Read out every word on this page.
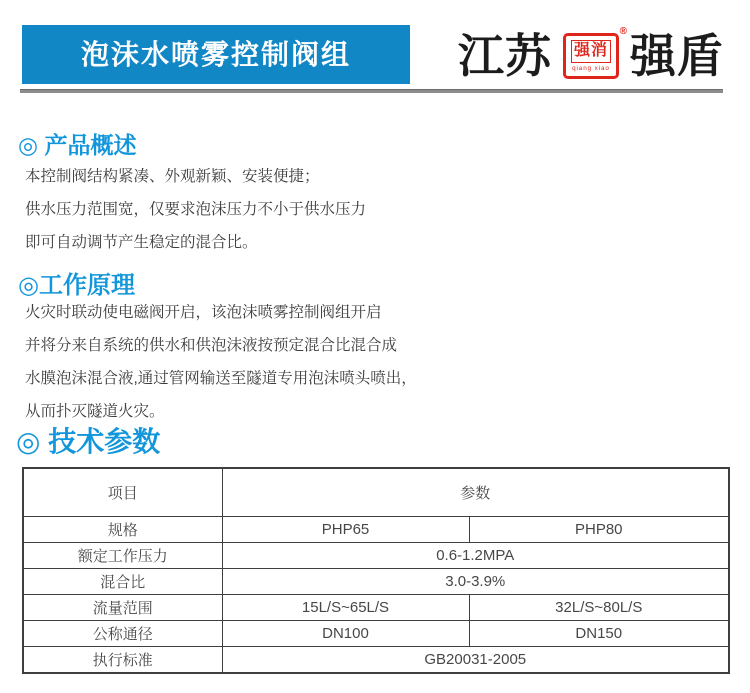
泡沫水喷雾控制阀组	江苏 强消
qiang xiao
® 强盾
◎ 产品概述
本控制阀结构紧凑、外观新颖、安装便捷；
供水压力范围宽，仅要求泡沫压力不小于供水压力
即可自动调节产生稳定的混合比。
◎工作原理
火灾时联动使电磁阀开启，该泡沫喷雾控制阀组开启
并将分来自系统的供水和供泡沫液按预定混合比混合成
水膜泡沫混合液,通过管网输送至隧道专用泡沫喷头喷出，
从而扑灭隧道火灾。
◎ 技术参数
项目	参数	
规格	PHP65	PHP80
额定工作压力	0.6-1.2MPA	
混合比	3.0-3.9%	
流量范围	15L/S~65L/S	32L/S~80L/S
公称通径	DN100	DN150
执行标准	GB20031-2005	
